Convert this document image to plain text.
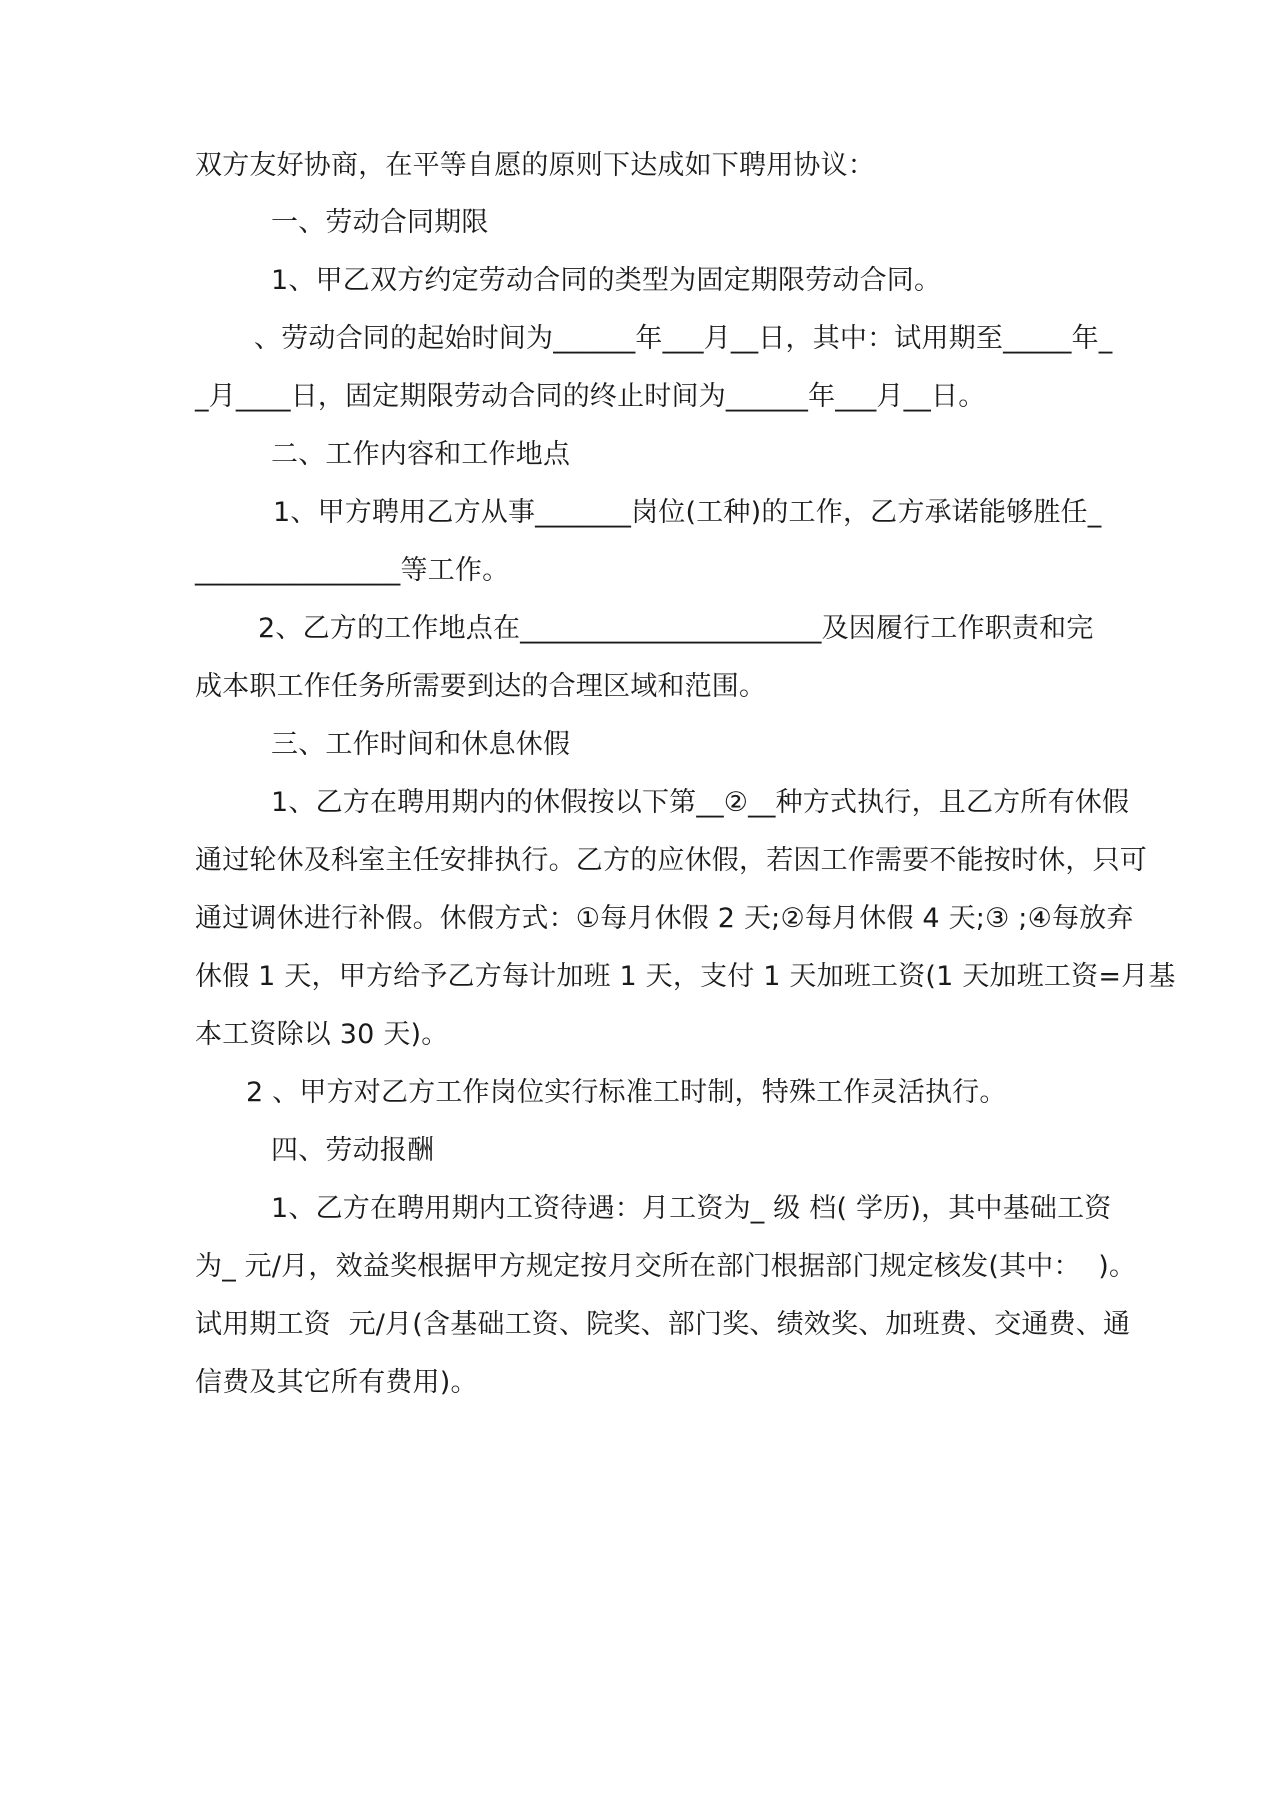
双方友好协商，在平等自愿的原则下达成如下聘用协议：

一、劳动合同期限

1、甲乙双方约定劳动合同的类型为固定期限劳动合同。

、劳动合同的起始时间为______年___月__日，其中：试用期至_____年_

_月____日，固定期限劳动合同的终止时间为______年___月__日。

二、工作内容和工作地点

1、甲方聘用乙方从事_______岗位(工种)的工作，乙方承诺能够胜任_

_______________等工作。

2、乙方的工作地点在______________________及因履行工作职责和完

成本职工作任务所需要到达的合理区域和范围。

三、工作时间和休息休假

1、乙方在聘用期内的休假按以下第__②__种方式执行，且乙方所有休假

通过轮休及科室主任安排执行。乙方的应休假，若因工作需要不能按时休，只可

通过调休进行补假。休假方式：①每月休假 2 天;②每月休假 4 天;③ ;④每放弃

休假 1 天，甲方给予乙方每计加班 1 天，支付 1 天加班工资(1 天加班工资=月基

本工资除以 30 天)。

2 、甲方对乙方工作岗位实行标准工时制，特殊工作灵活执行。

四、劳动报酬

1、乙方在聘用期内工资待遇：月工资为_ 级 档( 学历)，其中基础工资

为_ 元/月，效益奖根据甲方规定按月交所在部门根据部门规定核发(其中：  )。

试用期工资  元/月(含基础工资、院奖、部门奖、绩效奖、加班费、交通费、通

信费及其它所有费用)。
